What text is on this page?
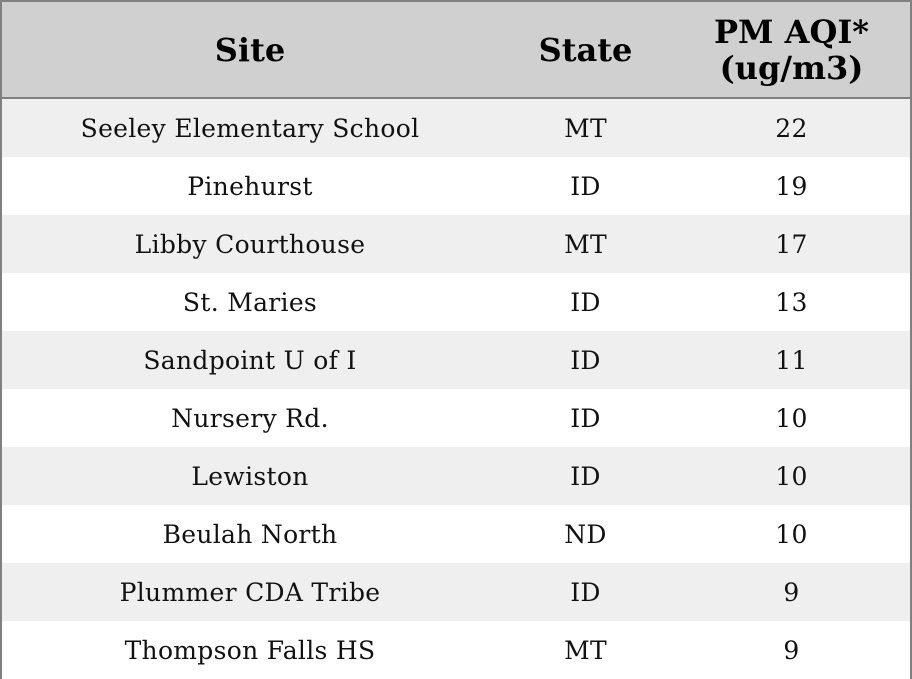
Site	State	PM AQI*
(ug/m3)
Seeley Elementary School	MT	22
Pinehurst	ID	19
Libby Courthouse	MT	17
St. Maries	ID	13
Sandpoint U of I	ID	11
Nursery Rd.	ID	10
Lewiston	ID	10
Beulah North	ND	10
Plummer CDA Tribe	ID	9
Thompson Falls HS	MT	9
